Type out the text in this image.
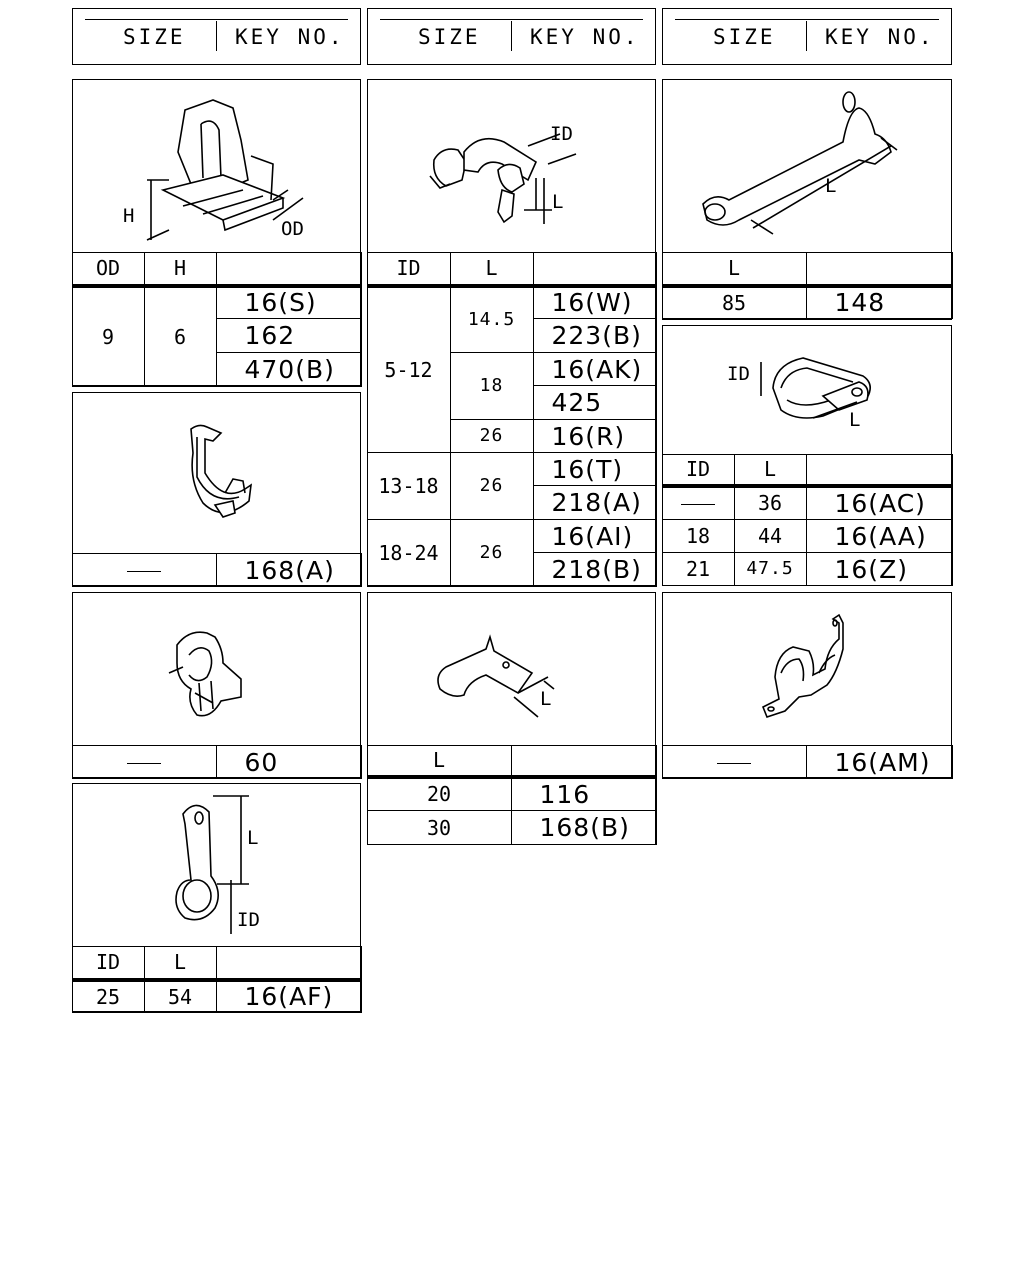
SIZE KEY NO.	SIZE KEY NO.	SIZE KEY NO.
H
OD
OD	H	
9	6	16(S)
		162
		470(B)
	168(A)
	60
L
ID
ID	L	
25	54	16(AF)
ID
L
ID	L	
5-12	14.5	16(W)
		223(B)
	18	16(AK)
		425
	26	16(R)
13-18	26	16(T)
		218(A)
18-24	26	16(AI)
		218(B)
L
L	
20	116
30	168(B)
L
L	
85	148
ID
L
ID	L	
	36	16(AC)
18	44	16(AA)
21	47.5	16(Z)
	16(AM)
